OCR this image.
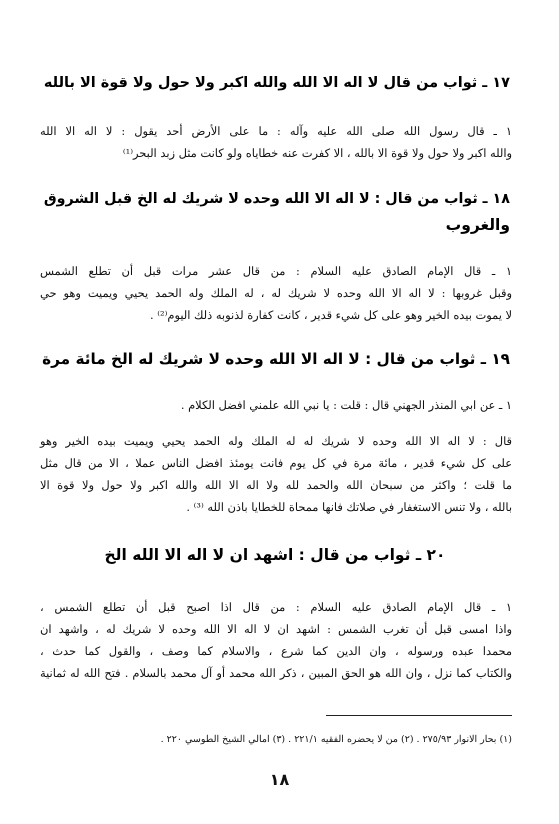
١٧ ـ ثواب من قال لا اله الا الله والله اكبر ولا حول ولا قوة الا بالله
١ ـ قال رسول الله صلى الله عليه وآله : ما على الأرض أحد يقول : لا اله الا الله
والله اكبر ولا حول ولا قوة الا بالله ، الا كفرت عنه خطاياه ولو كانت مثل زبد البحر⁽¹⁾
١٨ ـ ثواب من قال : لا اله الا الله وحده لا شريك له الخ قبل الشروق
والغروب
١ ـ قال الإمام الصادق عليه السلام : من قال عشر مرات قبل أن تطلع الشمس
وقبل غروبها : لا اله الا الله وحده لا شريك له ، له الملك وله الحمد يحيي ويميت وهو حي
لا يموت بيده الخير وهو على كل شيء قدير ، كانت كفارة لذنوبه ذلك اليوم⁽²⁾ .
١٩ ـ ثواب من قال : لا اله الا الله وحده لا شريك له الخ مائة مرة
١ ـ عن ابي المنذر الجهني قال : قلت : يا نبي الله علمني افضل الكلام .
قال : لا اله الا الله وحده لا شريك له له الملك وله الحمد يحيي ويميت بيده الخير وهو
على كل شيء قدير ، مائة مرة في كل يوم فانت يومئذ افضل الناس عملا ، الا من قال مثل
ما قلت ؛ واكثر من سبحان الله والحمد لله ولا اله الا الله والله اكبر ولا حول ولا قوة الا
بالله ، ولا تنس الاستغفار في صلاتك فانها ممحاة للخطايا باذن الله ⁽³⁾ .
٢٠ ـ ثواب من قال : اشهد ان لا اله الا الله الخ
١ ـ قال الإمام الصادق عليه السلام : من قال اذا اصبح قبل أن تطلع الشمس ،
واذا امسى قبل أن تغرب الشمس : اشهد ان لا اله الا الله وحده لا شريك له ، واشهد ان
محمدا عبده ورسوله ، وان الدين كما شرع ، والاسلام كما وصف ، والقول كما حدث ،
والكتاب كما نزل ، وان الله هو الحق المبين ، ذكر الله محمد أو آل محمد بالسلام . فتح الله له ثمانية
(١) بحار الانوار ٢٧٥/٩٣ . (٢) من لا يحضره الفقيه ٢٢١/١ . (٣) امالي الشيخ الطوسي ٢٢٠ .
١٨
